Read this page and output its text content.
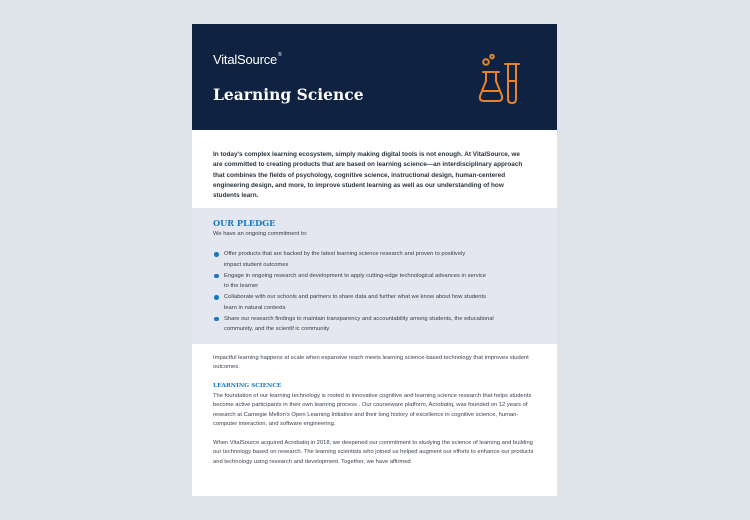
VitalSource®
Learning Science

In today's complex learning ecosystem, simply making digital tools is not enough. At VitalSource, we are committed to creating products that are based on learning science—an interdisciplinary approach that combines the fields of psychology, cognitive science, instructional design, human-centered engineering design, and more, to improve student learning as well as our understanding of how students learn.

OUR PLEDGE
We have an ongoing commitment to:
Offer products that are backed by the latest learning science research and proven to positively
impact student outcomes
Engage in ongoing research and development to apply cutting-edge technological advances in service
to the learner
Collaborate with our schools and partners to share data and further what we know about how students
learn in natural contexts
Share our research findings to maintain transparency and accountability among students, the educational
community, and the scientif ic community

Impactful learning happens at scale when expansive reach meets learning science-based technology that improves student outcomes.

LEARNING SCIENCE

The foundation of our learning technology is rooted in innovative cognitive and learning science research that helps students become active participants in their own learning process . Our courseware platform, Acrobatiq, was founded on 12 years of research at Carnegie Mellon's Open Learning Initiative and their long history of excellence in cognitive science, human-computer interaction, and software engineering.

When VitalSource acquired Acrobatiq in 2018, we deepened our commitment to studying the science of learning and building our technology based on research. The learning scientists who joined us helped augment our efforts to enhance our products and technology using research and development. Together, we have affirmed
